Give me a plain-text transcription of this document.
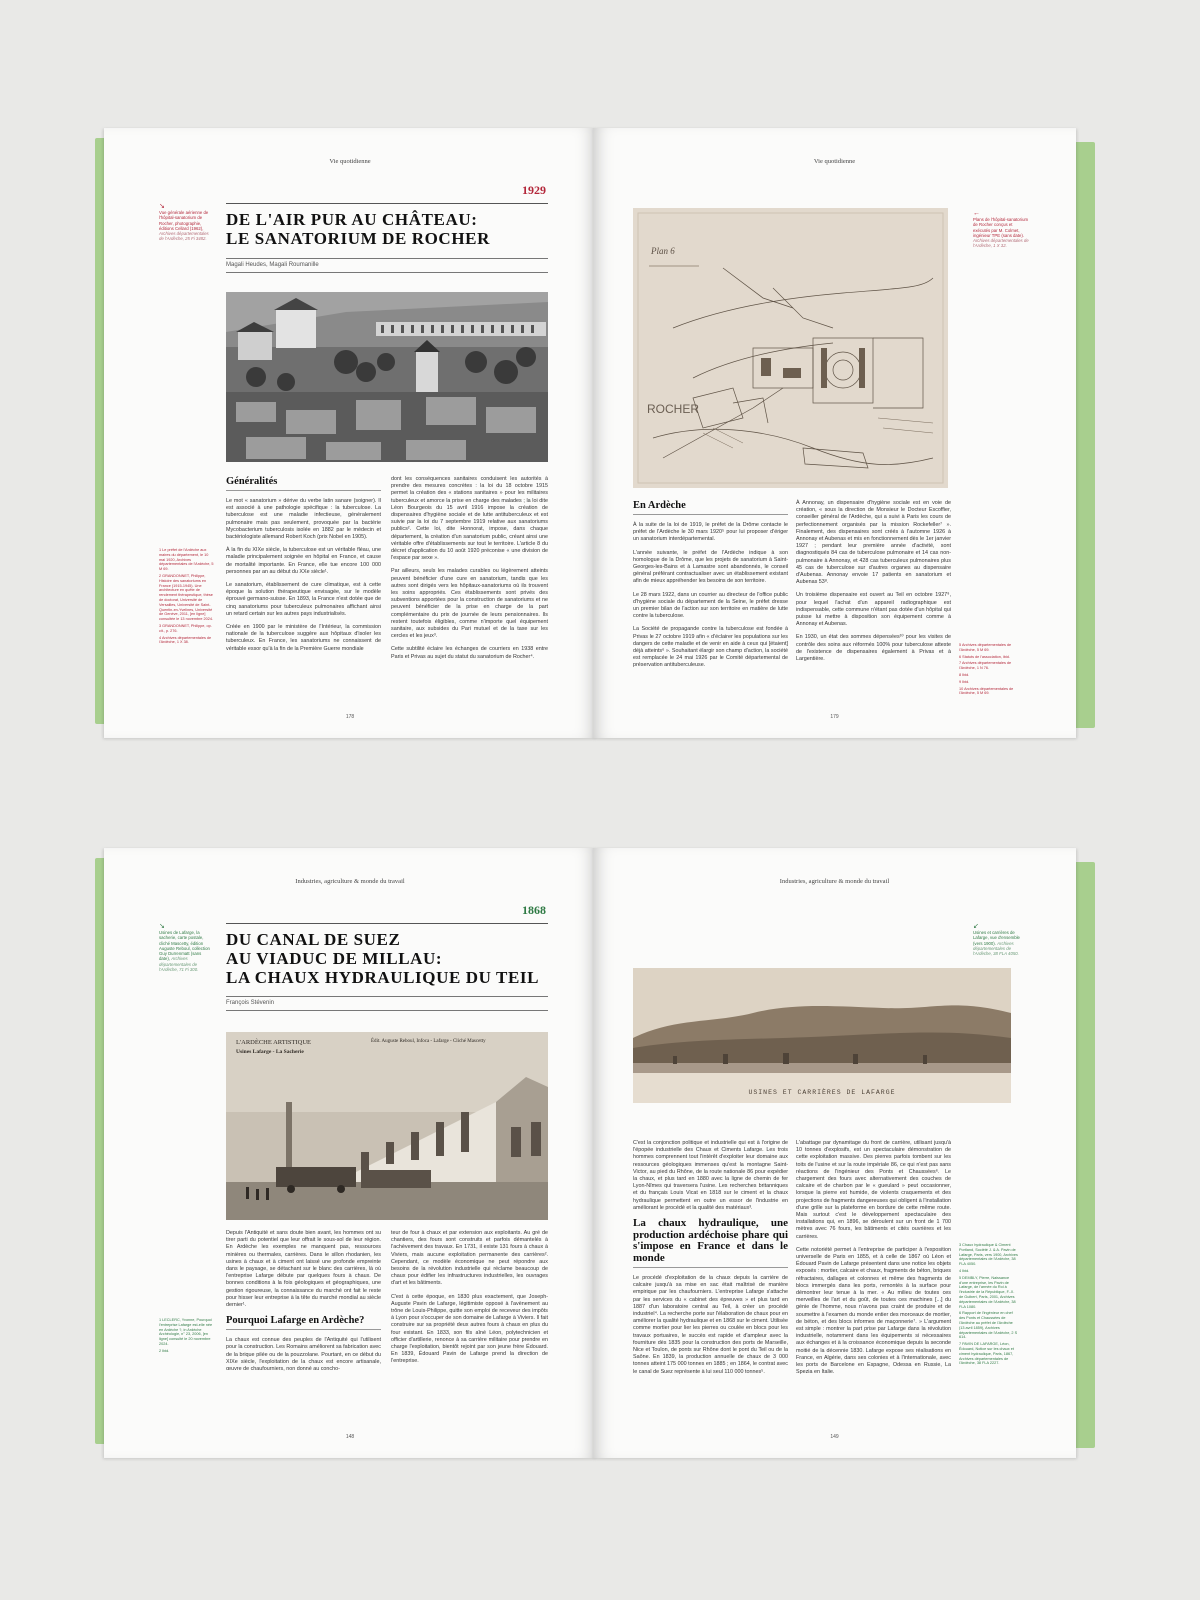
Vie quotidienne
1929
DE L'AIR PUR AU CHÂTEAU:
LE SANATORIUM DE ROCHER
Magali Heudes, Magali Roumanille
↘
Vue générale aérienne de l'hôpital-sanatorium de Rocher, photographie, éditions Cellard (1962), Archives départementales de l'Ardèche, 25 Fi 3482.
Généralités

Le mot « sanatorium » dérive du verbe latin sanare (soigner). Il est associé à une pathologie spécifique : la tuberculose. La tuberculose est une maladie infectieuse, généralement pulmonaire mais pas seulement, provoquée par la bactérie Mycobacterium tuberculosis isolée en 1882 par le médecin et bactériologiste allemand Robert Koch (prix Nobel en 1905).

À la fin du XIXe siècle, la tuberculose est un véritable fléau, une maladie principalement soignée en hôpital en France, et cause de mortalité importante. En France, elle tue encore 100 000 personnes par an au début du XXe siècle¹.

Le sanatorium, établissement de cure climatique, est à cette époque la solution thérapeutique envisagée, sur le modèle éprouvé germano-suisse. En 1893, la France n'est dotée que de cinq sanatoriums pour tuberculeux pulmonaires affichant ainsi un retard certain sur les autres pays industrialisés.

Créée en 1900 par le ministère de l'Intérieur, la commission nationale de la tuberculose suggère aux hôpitaux d'isoler les tuberculeux. En France, les sanatoriums ne connaissent de véritable essor qu'à la fin de la Première Guerre mondiale

dont les conséquences sanitaires conduisent les autorités à prendre des mesures concrètes : la loi du 18 octobre 1915 permet la création des « stations sanitaires » pour les militaires tuberculeux et amorce la prise en charge des malades ; la loi dite Léon Bourgeois du 15 avril 1916 impose la création de dispensaires d'hygiène sociale et de lutte antituberculeux et est suivie par la loi du 7 septembre 1919 relative aux sanatoriums publics². Cette loi, dite Honnorat, impose, dans chaque département, la création d'un sanatorium public, créant ainsi une véritable offre d'établissements sur tout le territoire. L'article 8 du décret d'application du 10 août 1920 préconise « une division de l'espace par sexe ».

Par ailleurs, seuls les malades curables ou légèrement atteints peuvent bénéficier d'une cure en sanatorium, tandis que les autres sont dirigés vers les hôpitaux-sanatoriums où ils trouvent les soins appropriés. Ces établissements sont privés des subventions apportées pour la construction de sanatoriums et ne peuvent bénéficier de la prise en charge de la part complémentaire du prix de journée de leurs pensionnaires. Ils restent toutefois éligibles, comme n'importe quel équipement sanitaire, aux subsides du Pari mutuel et de la taxe sur les cercles et les jeux³.

Cette subtilité éclaire les échanges de courriers en 1938 entre Paris et Privas au sujet du statut du sanatorium de Rocher⁴.

1 Le préfet de l'Ardèche aux maires du département, le 10 mai 1920, Archives départementales de l'Ardèche, 5 M 69.
2 GRANDONNET, Philippe, Histoire des sanatoriums en France (1915-1945). Une architecture en quête de rendement thérapeutique, thèse de doctorat, Université de Versailles, Université de Saint-Quentin-en-Yvelines, Université de Genève, 2011, [en ligne] consultée le 13 novembre 2024.
3 GRANDONNET, Philippe, op. cit., p. 276.
4 Archives départementales de l'Ardèche, 1 X 38.
178
Vie quotidienne
Plan 6
ROCHER
←
Plans de l'hôpital-sanatorium de Rocher conçus et exécutés par M. Colmet, ingénieur TPE (sans date). Archives départementales de l'Ardèche, 1 X 32.
En Ardèche

À la suite de la loi de 1919, le préfet de la Drôme contacte le préfet de l'Ardèche le 30 mars 1920⁵ pour lui proposer d'ériger un sanatorium interdépartemental.

L'année suivante, le préfet de l'Ardèche indique à son homologue de la Drôme, que les projets de sanatorium à Saint-Georges-les-Bains et à Lamastre sont abandonnés, le conseil général préférant contractualiser avec un établissement existant afin de mieux appréhender les besoins de son territoire.

Le 28 mars 1922, dans un courrier au directeur de l'office public d'hygiène sociale du département de la Seine, le préfet dresse un premier bilan de l'action sur son territoire en matière de lutte contre la tuberculose.

La Société de propagande contre la tuberculose est fondée à Privas le 27 octobre 1919 afin « d'éclairer les populations sur les dangers de cette maladie et de venir en aide à ceux qui [étaient] déjà atteints⁶ ». Souhaitant élargir son champ d'action, la société est remplacée le 24 mai 1926 par le Comité départemental de préservation antituberculeuse.

À Annonay, un dispensaire d'hygiène sociale est en voie de création, « sous la direction de Monsieur le Docteur Escoffier, conseiller général de l'Ardèche, qui a suivi à Paris les cours de perfectionnement organisés par la mission Rockefeller⁷ ». Finalement, des dispensaires sont créés à l'automne 1926 à Annonay et Aubenas et mis en fonctionnement dès le 1er janvier 1927 ; pendant leur première année d'activité, sont diagnostiqués 84 cas de tuberculose pulmonaire et 14 cas non-pulmonaire à Annonay, et 428 cas tuberculeux pulmonaires plus 45 cas de tuberculose sur d'autres organes au dispensaire d'Aubenas. Annonay envoie 17 patients en sanatorium et Aubenas 53⁸.

Un troisième dispensaire est ouvert au Teil en octobre 1927⁹, pour lequel l'achat d'un appareil radiographique est indispensable, cette commune n'étant pas dotée d'un hôpital qui puisse lui mettre à disposition son équipement comme à Annonay et Aubenas.

En 1930, un état des sommes dépensées¹⁰ pour les visites de contrôle des soins aux réformés 100% pour tuberculose atteste de l'existence de dispensaires également à Privas et à Largentière.

5 Archives départementales de l'Ardèche, 5 M 69.
6 Statuts de l'association, ibid.
7 Archives départementales de l'Ardèche, 1 N 76.
8 Ibid.
9 Ibid.
10 Archives départementales de l'Ardèche, 5 M 69.
179
Industries, agriculture & monde du travail
1868
DU CANAL DE SUEZ
AU VIADUC DE MILLAU:
LA CHAUX HYDRAULIQUE DU TEIL
François Stévenin
↘
Usines de Lafarge, la sacherie, carte postale, cliché Mascetty, édition Auguste Reboul, collection Guy Durrenmatt (sans date), Archives départementales de l'Ardèche, 71 Fi 300.
L'ARDÈCHE ARTISTIQUE
Usines Lafarge - La Sacherie
Édit. Auguste Reboul, Infoca - Lafarge - Cliché Mascetty

Depuis l'Antiquité et sans doute bien avant, les hommes ont su tirer parti du potentiel que leur offrait le sous-sol de leur région. En Ardèche les exemples ne manquent pas, ressources minières ou thermales, carrières. Dans le sillon rhodanien, les usines à chaux et à ciment ont laissé une profonde empreinte dans le paysage, se détachant sur le blanc des carrières, là où l'entreprise Lafarge débute par quelques fours à chaux. De bonnes conditions à la fois géologiques et géographiques, une gestion rigoureuse, la connaissance du marché ont fait le reste pour hisser leur entreprise à la tête du marché mondial au siècle dernier¹.

Pourquoi Lafarge en Ardèche?

La chaux est connue des peuples de l'Antiquité qui l'utilisent pour la construction. Les Romains améliorent sa fabrication avec de la brique pilée ou de la pouzzolane. Pourtant, en ce début du XIXe siècle, l'exploitation de la chaux est encore artisanale, œuvre de chaufourniers, non donné au concho-

teur de four à chaux et par extension aux exploitants. Au gré de chantiers, des fours sont construits et parfois démantelés à l'achèvement des travaux. En 1731, il existe 131 fours à chaux à Viviers, mais aucune exploitation permanente des carrières². Cependant, ce modèle économique ne peut répondre aux besoins de la révolution industrielle qui réclame beaucoup de chaux pour édifier les infrastructures industrielles, les ouvrages d'art et les bâtiments.

C'est à cette époque, en 1830 plus exactement, que Joseph-Auguste Pavin de Lafarge, légitimiste opposé à l'avènement au trône de Louis-Philippe, quitte son emploi de receveur des impôts à Lyon pour s'occuper de son domaine de Lafarge à Viviers. Il fait construire sur sa propriété deux autres fours à chaux en plus du four existant. En 1833, son fils aîné Léon, polytechnicien et officier d'artillerie, renonce à sa carrière militaire pour prendre en charge l'exploitation, bientôt rejoint par son jeune frère Édouard. En 1839, Édouard Pavin de Lafarge prend la direction de l'entreprise.

1 LECLERC, Yvonne, Pourquoi l'entreprise Lafarge est-elle née en Ardèche ?, in Ardèche Archéologie, n° 23, 2006, [en ligne] consulté le 20 novembre 2024.
2 Ibid.
148
Industries, agriculture & monde du travail
USINES ET CARRIÈRES DE LAFARGE
↙
Usines et carrières de Lafarge, vue d'ensemble (vers 1900). Archives départementales de l'Ardèche, 38 FLA 4050.

C'est la conjonction politique et industrielle qui est à l'origine de l'épopée industrielle des Chaux et Ciments Lafarge. Les trois hommes comprennent tout l'intérêt d'exploiter leur domaine aux ressources géologiques immenses qu'est la montagne Saint-Victor, au pied du Rhône, de la route nationale 86 pour expédier la chaux, et plus tard en 1880 avec la ligne de chemin de fer Lyon-Nîmes qui traversera l'usine. Les recherches britanniques et du français Louis Vicat en 1818 sur le ciment et la chaux hydraulique permettent en outre un essor de l'industrie en améliorant le procédé et la qualité des matériaux³.

La chaux hydraulique, une production ardéchoise phare qui s'impose en France et dans le monde

Le procédé d'exploitation de la chaux depuis la carrière de calcaire jusqu'à sa mise en sac était maîtrisé de manière empirique par les chaufourniers. L'entreprise Lafarge s'attache par les services du « cabinet des épreuves » et plus tard en 1887 d'un laboratoire central au Teil, à créer un procédé industriel⁴. La recherche porte sur l'élaboration de chaux pour en améliorer la qualité hydraulique et en 1868 sur le ciment. Utilisée comme mortier pour lier les pierres ou coulée en blocs pour les travaux portuaires, le succès est rapide et d'ampleur avec la fourniture dès 1835 pour la construction des ports de Marseille, Nice et Toulon, de ponts sur Rhône dont le pont du Teil ou de la Saône. En 1839, la production annuelle de chaux de 3 000 tonnes atteint 175 000 tonnes en 1885 ; en 1864, le contrat avec le canal de Suez représente à lui seul 110 000 tonnes⁵.

L'abattage par dynamitage du front de carrière, utilisant jusqu'à 10 tonnes d'explosifs, est un spectaculaire démonstration de cette exploitation massive. Des pierres parfois tombent sur les toits de l'usine et sur la route impériale 86, ce qui n'est pas sans réactions de l'ingénieur des Ponts et Chaussées⁶. Le chargement des fours avec alternativement des couches de calcaire et de charbon par le « gueulard » peut occasionner, lorsque la pierre est humide, de violents craquements et des projections de fragments dangereuses qui obligent à l'installation d'une grille sur la plateforme en bordure de cette même route. Mais surtout c'est le développement spectaculaire des installations qui, en 1896, se déroulent sur un front de 1 700 mètres avec 76 fours, les bâtiments et cités ouvrières et les carrières.

Cette notoriété permet à l'entreprise de participer à l'exposition universelle de Paris en 1855, et à celle de 1867 où Léon et Édouard Pavin de Lafarge présentent dans une notice les objets exposés : mortier, calcaire et chaux, fragments de béton, briques réfractaires, dallages et colonnes et même des fragments de blocs immergés dans les ports, remontés à la surface pour démontrer leur tenue à la mer. « Au milieu de toutes ces merveilles de l'art et du goût, de toutes ces machines [...] du génie de l'homme, nous n'avons pas craint de produire et de soumettre à l'examen du monde entier des morceaux de mortier, de béton, et des blocs informes de maçonnerie⁷. » L'argument est simple : montrer la part prise par Lafarge dans la révolution industrielle, notamment dans les équipements si nécessaires aux échanges et à la croissance économique depuis la seconde moitié de la décennie 1830. Lafarge expose ses réalisations en France, en Algérie, dans ses colonies et à l'internationale, avec les ports de Barcelone en Espagne, Odessa en Russie, La Spezia en Italie.

3 Chaux hydraulique & Ciment Portland, Société J. & A. Pavin de Lafarge, Paris, vers 1900, Archives départementales de l'Ardèche, 38 FLA 4050.
4 Ibid.
5 DEMBLY, Pierre, Naissance d'une entreprise, les Pavin de Lafarge, de l'armée du Roi à l'industrie de la République, F.-X. de Guibert, Paris, 2001, Archives départementales de l'Ardèche, 38 FLA 1080.
6 Rapport de l'ingénieur en chef des Ponts et Chaussées de l'Ardèche au préfet de l'Ardèche (13 avril 1859), Archives départementales de l'Ardèche, 2 S 614.
7 PAVIN DE LAFARGE, Léon, Édouard, Notice sur les chaux et ciment hydraulique, Paris, 1867, Archives départementales de l'Ardèche, 38 FLA 2227.
149
